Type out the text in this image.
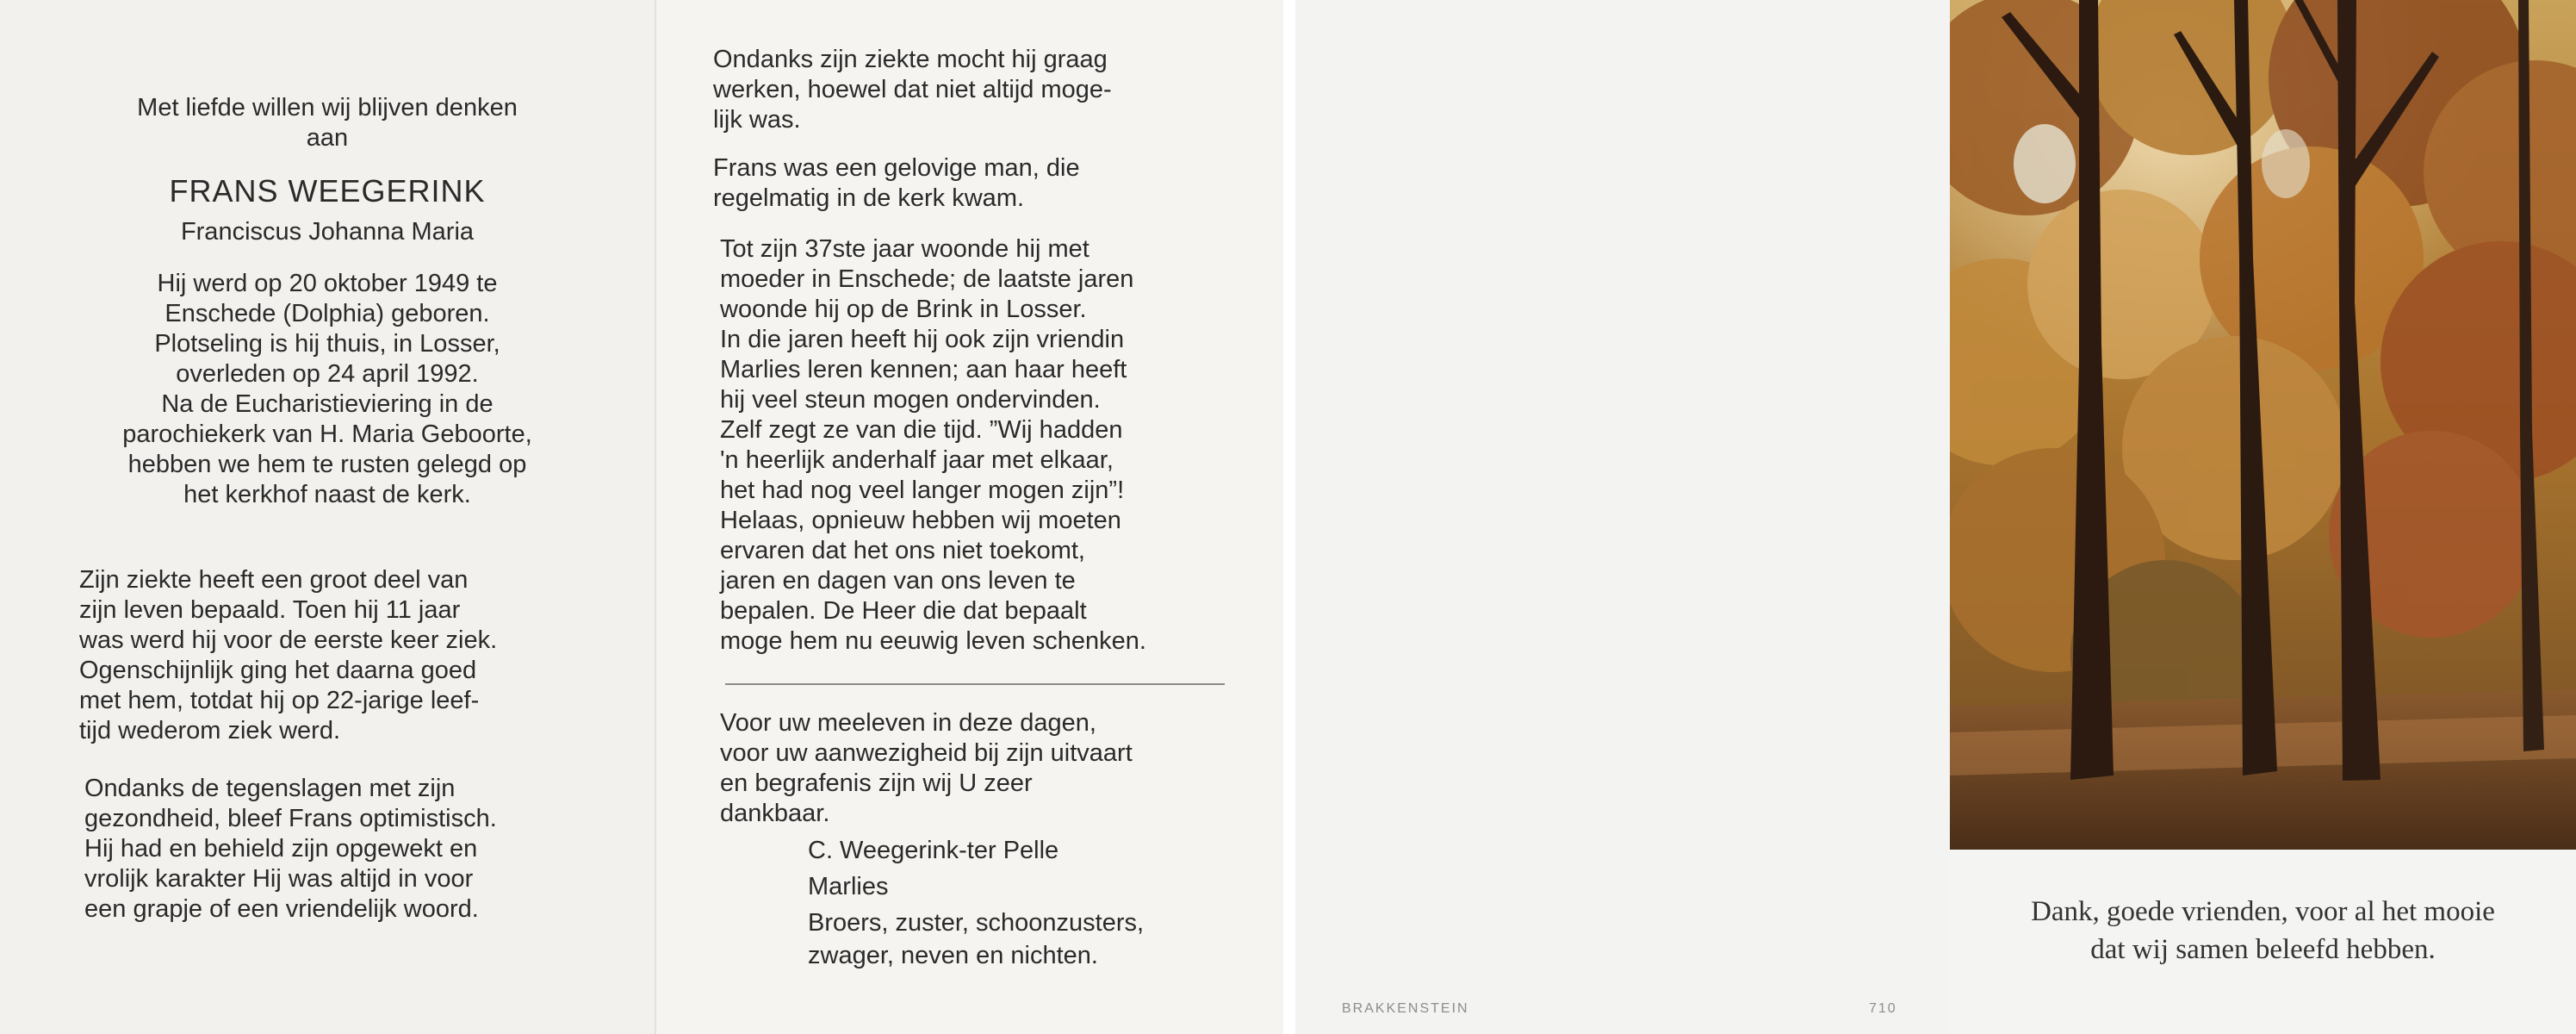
Met liefde willen wij blijven denken
aan
FRANS WEEGERINK
Franciscus Johanna Maria
Hij werd op 20 oktober 1949 te
Enschede (Dolphia) geboren.
Plotseling is hij thuis, in Losser,
overleden op 24 april 1992.
Na de Eucharistieviering in de
parochiekerk van H. Maria Geboorte,
hebben we hem te rusten gelegd op
het kerkhof naast de kerk.
Zijn ziekte heeft een groot deel van
zijn leven bepaald. Toen hij 11 jaar
was werd hij voor de eerste keer ziek.
Ogenschijnlijk ging het daarna goed
met hem, totdat hij op 22-jarige leef-
tijd wederom ziek werd.
Ondanks de tegenslagen met zijn
gezondheid, bleef Frans optimistisch.
Hij had en behield zijn opgewekt en
vrolijk karakter Hij was altijd in voor
een grapje of een vriendelijk woord.
Ondanks zijn ziekte mocht hij graag
werken, hoewel dat niet altijd moge-
lijk was.
Frans was een gelovige man, die
regelmatig in de kerk kwam.
Tot zijn 37ste jaar woonde hij met
moeder in Enschede; de laatste jaren
woonde hij op de Brink in Losser.
In die jaren heeft hij ook zijn vriendin
Marlies leren kennen; aan haar heeft
hij veel steun mogen ondervinden.
Zelf zegt ze van die tijd. ”Wij hadden
'n heerlijk anderhalf jaar met elkaar,
het had nog veel langer mogen zijn”!
Helaas, opnieuw hebben wij moeten
ervaren dat het ons niet toekomt,
jaren en dagen van ons leven te
bepalen. De Heer die dat bepaalt
moge hem nu eeuwig leven schenken.
Voor uw meeleven in deze dagen,
voor uw aanwezigheid bij zijn uitvaart
en begrafenis zijn wij U zeer
dankbaar.
C. Weegerink-ter Pelle
Marlies
Broers, zuster, schoonzusters,
zwager, neven en nichten.
BRAKKENSTEIN	710
Dank, goede vrienden, voor al het mooie
dat wij samen beleefd hebben.
